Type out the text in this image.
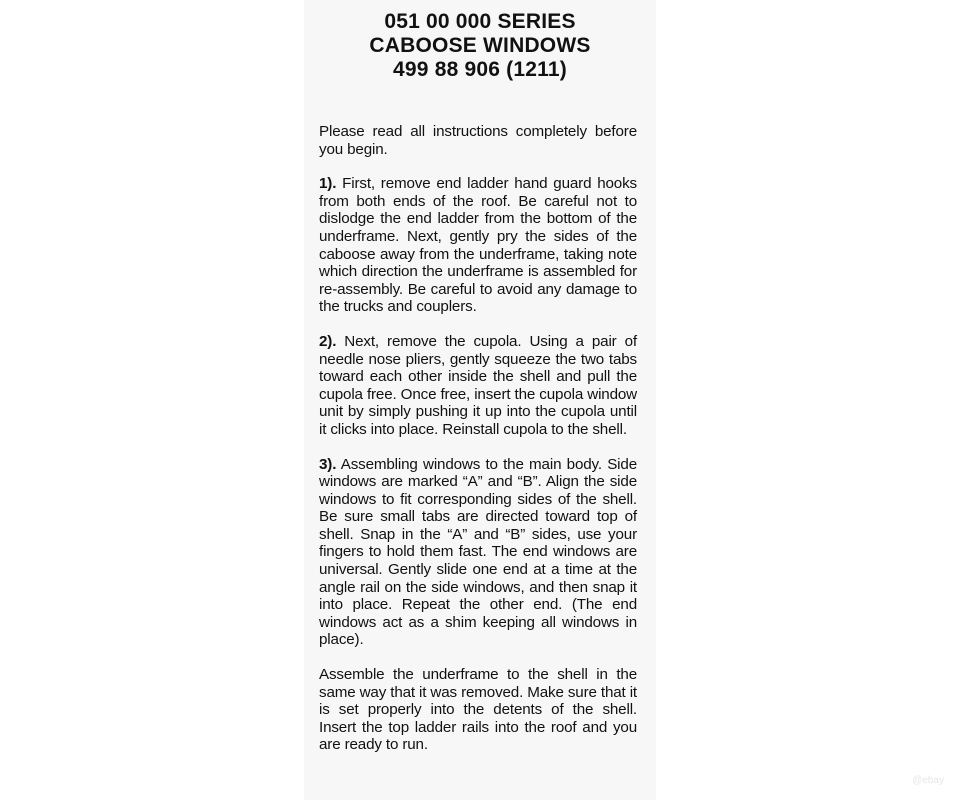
051 00 000 SERIES
CABOOSE WINDOWS
499 88 906 (1211)

Please read all instructions completely before you begin.

1). First, remove end ladder hand guard hooks from both ends of the roof. Be careful not to dislodge the end ladder from the bottom of the underframe. Next, gently pry the sides of the caboose away from the underframe, taking note which direction the underframe is assembled for re-assembly. Be careful to avoid any damage to the trucks and couplers.

2). Next, remove the cupola. Using a pair of needle nose pliers, gently squeeze the two tabs toward each other inside the shell and pull the cupola free. Once free, insert the cupola window unit by simply pushing it up into the cupola until it clicks into place. Reinstall cupola to the shell.

3). Assembling windows to the main body. Side windows are marked “A” and “B”. Align the side windows to fit corresponding sides of the shell. Be sure small tabs are directed toward top of shell. Snap in the “A” and “B” sides, use your fingers to hold them fast. The end windows are universal. Gently slide one end at a time at the angle rail on the side windows, and then snap it into place. Repeat the other end. (The end windows act as a shim keeping all windows in place).

Assemble the underframe to the shell in the same way that it was removed. Make sure that it is set properly into the detents of the shell. Insert the top ladder rails into the roof and you are ready to run.

@ebay
